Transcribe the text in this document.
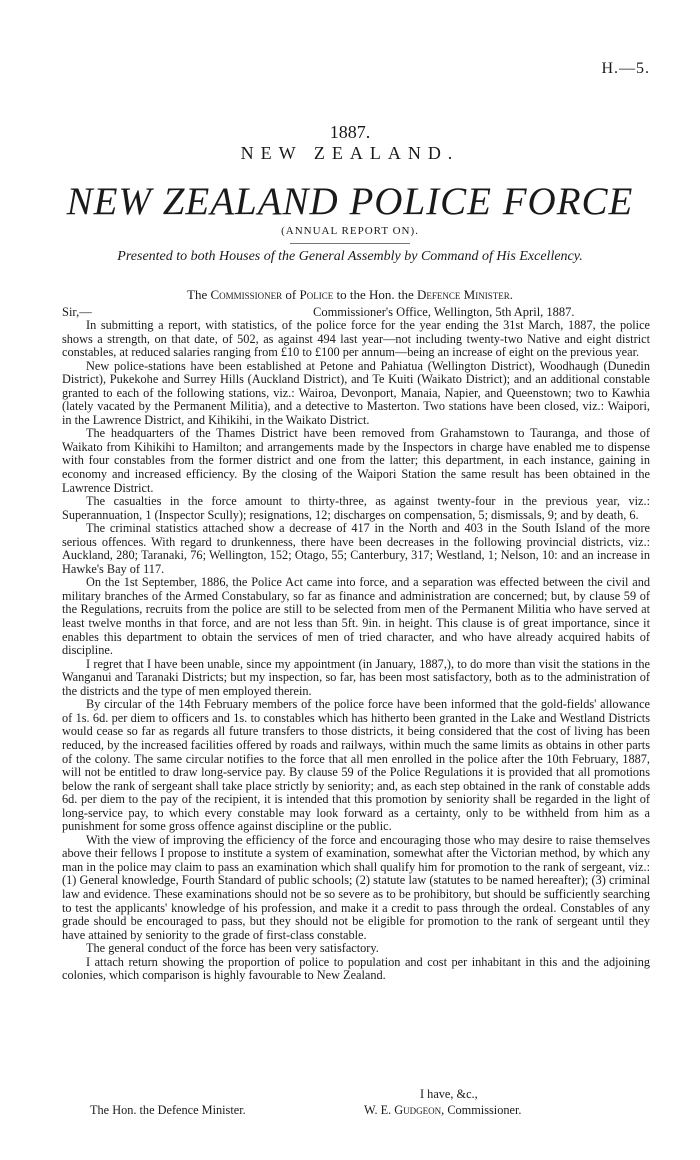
H.—5.
1887.
NEW ZEALAND.
NEW ZEALAND POLICE FORCE
(ANNUAL REPORT ON).
Presented to both Houses of the General Assembly by Command of His Excellency.
The Commissioner of Police to the Hon. the Defence Minister.
Sir,—	Commissioner's Office, Wellington, 5th April, 1887.

In submitting a report, with statistics, of the police force for the year ending the 31st March, 1887, the police shows a strength, on that date, of 502, as against 494 last year—not including twenty-two Native and eight district constables, at reduced salaries ranging from £10 to £100 per annum—being an increase of eight on the previous year.

New police-stations have been established at Petone and Pahiatua (Wellington District), Woodhaugh (Dunedin District), Pukekohe and Surrey Hills (Auckland District), and Te Kuiti (Waikato District); and an additional constable granted to each of the following stations, viz.: Wairoa, Devonport, Manaia, Napier, and Queenstown; two to Kawhia (lately vacated by the Permanent Militia), and a detective to Masterton. Two stations have been closed, viz.: Waipori, in the Lawrence District, and Kihikihi, in the Waikato District.

The headquarters of the Thames District have been removed from Grahamstown to Tauranga, and those of Waikato from Kihikihi to Hamilton; and arrangements made by the Inspectors in charge have enabled me to dispense with four constables from the former district and one from the latter; this department, in each instance, gaining in economy and increased efficiency. By the closing of the Waipori Station the same result has been obtained in the Lawrence District.

The casualties in the force amount to thirty-three, as against twenty-four in the previous year, viz.: Superannuation, 1 (Inspector Scully); resignations, 12; discharges on compensation, 5; dismissals, 9; and by death, 6.

The criminal statistics attached show a decrease of 417 in the North and 403 in the South Island of the more serious offences. With regard to drunkenness, there have been decreases in the following provincial districts, viz.: Auckland, 280; Taranaki, 76; Wellington, 152; Otago, 55; Canterbury, 317; Westland, 1; Nelson, 10: and an increase in Hawke's Bay of 117.

On the 1st September, 1886, the Police Act came into force, and a separation was effected between the civil and military branches of the Armed Constabulary, so far as finance and administration are concerned; but, by clause 59 of the Regulations, recruits from the police are still to be selected from men of the Permanent Militia who have served at least twelve months in that force, and are not less than 5ft. 9in. in height. This clause is of great importance, since it enables this department to obtain the services of men of tried character, and who have already acquired habits of discipline.

I regret that I have been unable, since my appointment (in January, 1887,), to do more than visit the stations in the Wanganui and Taranaki Districts; but my inspection, so far, has been most satisfactory, both as to the administration of the districts and the type of men employed therein.

By circular of the 14th February members of the police force have been informed that the gold-fields' allowance of 1s. 6d. per diem to officers and 1s. to constables which has hitherto been granted in the Lake and Westland Districts would cease so far as regards all future transfers to those districts, it being considered that the cost of living has been reduced, by the increased facilities offered by roads and railways, within much the same limits as obtains in other parts of the colony. The same circular notifies to the force that all men enrolled in the police after the 10th February, 1887, will not be entitled to draw long-service pay. By clause 59 of the Police Regulations it is provided that all promotions below the rank of sergeant shall take place strictly by seniority; and, as each step obtained in the rank of constable adds 6d. per diem to the pay of the recipient, it is intended that this promotion by seniority shall be regarded in the light of long-service pay, to which every constable may look forward as a certainty, only to be withheld from him as a punishment for some gross offence against discipline or the public.

With the view of improving the efficiency of the force and encouraging those who may desire to raise themselves above their fellows I propose to institute a system of examination, somewhat after the Victorian method, by which any man in the police may claim to pass an examination which shall qualify him for promotion to the rank of sergeant, viz.: (1) General knowledge, Fourth Standard of public schools; (2) statute law (statutes to be named hereafter); (3) criminal law and evidence. These examinations should not be so severe as to be prohibitory, but should be sufficiently searching to test the applicants' knowledge of his profession, and make it a credit to pass through the ordeal. Constables of any grade should be encouraged to pass, but they should not be eligible for promotion to the rank of sergeant until they have attained by seniority to the grade of first-class constable.

The general conduct of the force has been very satisfactory.

I attach return showing the proportion of police to population and cost per inhabitant in this and the adjoining colonies, which comparison is highly favourable to New Zealand.

I have, &c.,
The Hon. the Defence Minister.	W. E. Gudgeon, Commissioner.
